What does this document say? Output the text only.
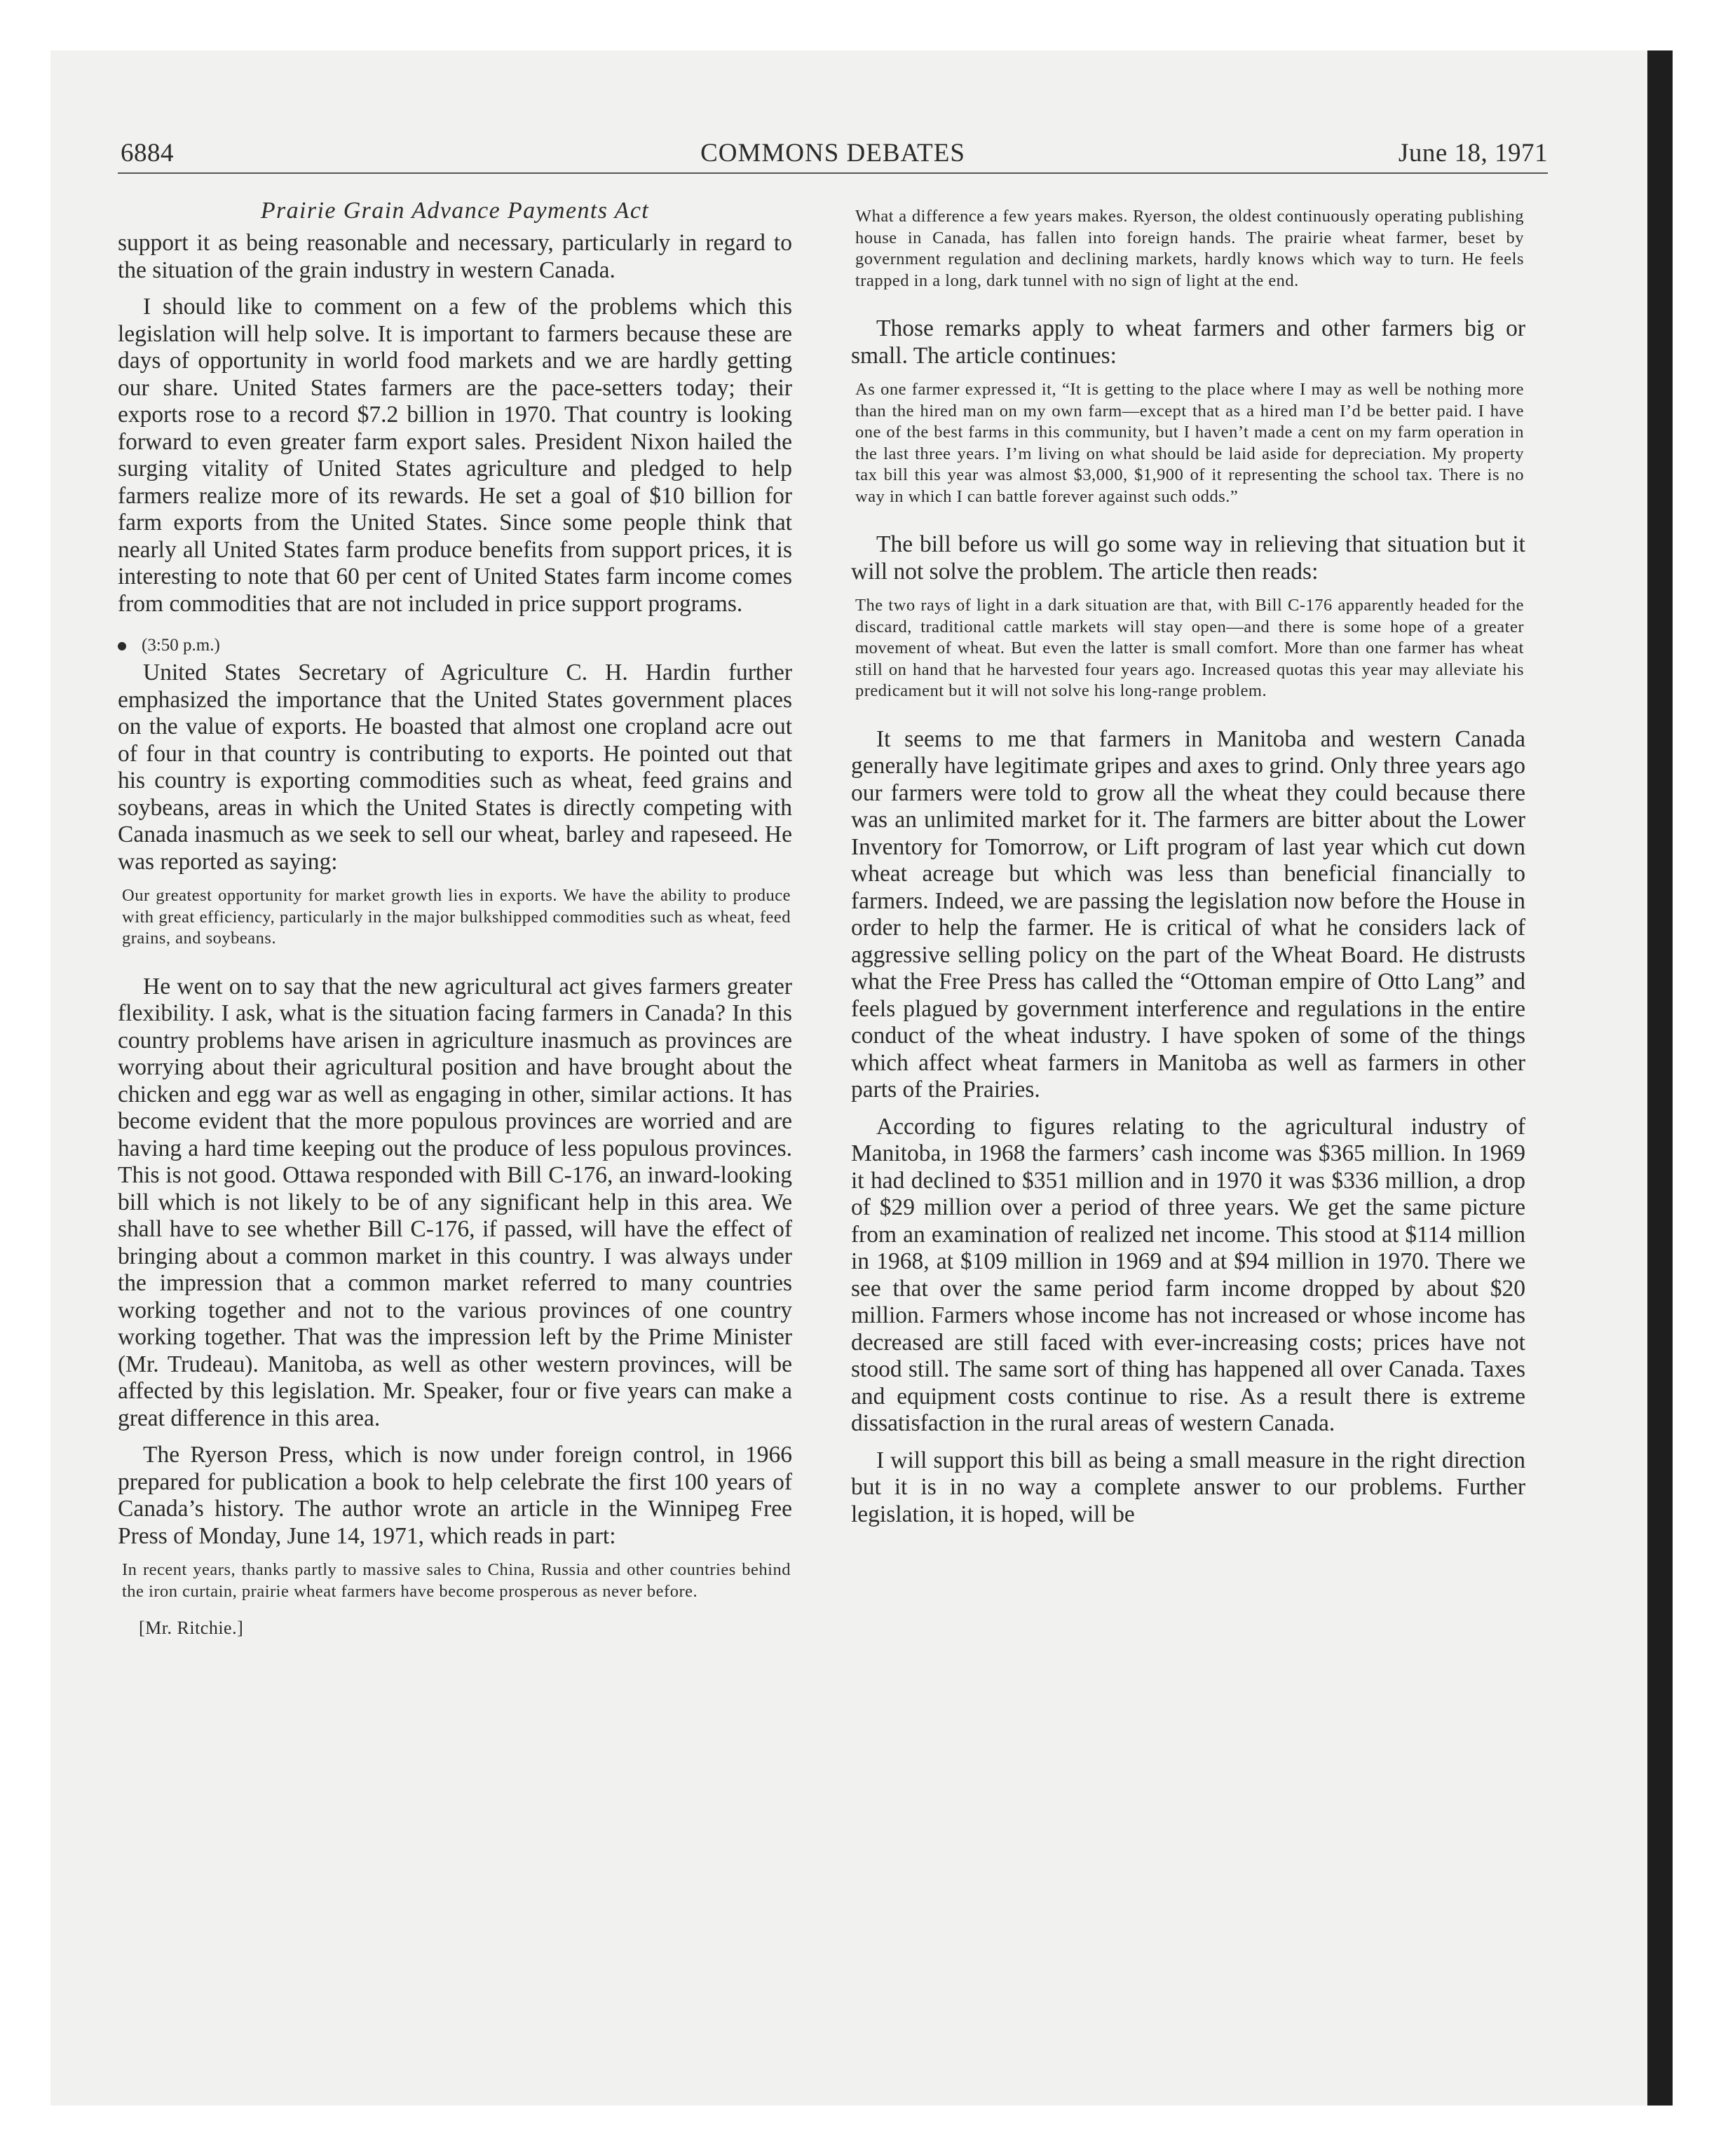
6884	COMMONS DEBATES	June 18, 1971
Prairie Grain Advance Payments Act

support it as being reasonable and necessary, particularly in regard to the situation of the grain industry in western Canada.

I should like to comment on a few of the problems which this legislation will help solve. It is important to farmers because these are days of opportunity in world food markets and we are hardly getting our share. United States farmers are the pace-setters today; their exports rose to a record $7.2 billion in 1970. That country is looking forward to even greater farm export sales. President Nixon hailed the surging vitality of United States agriculture and pledged to help farmers realize more of its rewards. He set a goal of $10 billion for farm exports from the United States. Since some people think that nearly all United States farm produce benefits from support prices, it is interesting to note that 60 per cent of United States farm income comes from commodities that are not included in price support programs.

(3:50 p.m.)

United States Secretary of Agriculture C. H. Hardin further emphasized the importance that the United States government places on the value of exports. He boasted that almost one cropland acre out of four in that country is contributing to exports. He pointed out that his country is exporting commodities such as wheat, feed grains and soybeans, areas in which the United States is directly competing with Canada inasmuch as we seek to sell our wheat, barley and rapeseed. He was reported as saying:

Our greatest opportunity for market growth lies in exports. We have the ability to produce with great efficiency, particularly in the major bulkshipped commodities such as wheat, feed grains, and soybeans.

He went on to say that the new agricultural act gives farmers greater flexibility. I ask, what is the situation facing farmers in Canada? In this country problems have arisen in agriculture inasmuch as provinces are worrying about their agricultural position and have brought about the chicken and egg war as well as engaging in other, similar actions. It has become evident that the more populous provinces are worried and are having a hard time keeping out the produce of less populous provinces. This is not good. Ottawa responded with Bill C-176, an inward-looking bill which is not likely to be of any significant help in this area. We shall have to see whether Bill C-176, if passed, will have the effect of bringing about a common market in this country. I was always under the impression that a common market referred to many countries working together and not to the various provinces of one country working together. That was the impression left by the Prime Minister (Mr. Trudeau). Manitoba, as well as other western provinces, will be affected by this legislation. Mr. Speaker, four or five years can make a great difference in this area.

The Ryerson Press, which is now under foreign control, in 1966 prepared for publication a book to help celebrate the first 100 years of Canada’s history. The author wrote an article in the Winnipeg Free Press of Monday, June 14, 1971, which reads in part:

In recent years, thanks partly to massive sales to China, Russia and other countries behind the iron curtain, prairie wheat farmers have become prosperous as never before.

[Mr. Ritchie.]

What a difference a few years makes. Ryerson, the oldest continuously operating publishing house in Canada, has fallen into foreign hands. The prairie wheat farmer, beset by government regulation and declining markets, hardly knows which way to turn. He feels trapped in a long, dark tunnel with no sign of light at the end.

Those remarks apply to wheat farmers and other farmers big or small. The article continues:

As one farmer expressed it, “It is getting to the place where I may as well be nothing more than the hired man on my own farm—except that as a hired man I’d be better paid. I have one of the best farms in this community, but I haven’t made a cent on my farm operation in the last three years. I’m living on what should be laid aside for depreciation. My property tax bill this year was almost $3,000, $1,900 of it representing the school tax. There is no way in which I can battle forever against such odds.”

The bill before us will go some way in relieving that situation but it will not solve the problem. The article then reads:

The two rays of light in a dark situation are that, with Bill C-176 apparently headed for the discard, traditional cattle markets will stay open—and there is some hope of a greater movement of wheat. But even the latter is small comfort. More than one farmer has wheat still on hand that he harvested four years ago. Increased quotas this year may alleviate his predicament but it will not solve his long-range problem.

It seems to me that farmers in Manitoba and western Canada generally have legitimate gripes and axes to grind. Only three years ago our farmers were told to grow all the wheat they could because there was an unlimited market for it. The farmers are bitter about the Lower Inventory for Tomorrow, or Lift program of last year which cut down wheat acreage but which was less than beneficial financially to farmers. Indeed, we are passing the legislation now before the House in order to help the farmer. He is critical of what he considers lack of aggressive selling policy on the part of the Wheat Board. He distrusts what the Free Press has called the “Ottoman empire of Otto Lang” and feels plagued by government interference and regulations in the entire conduct of the wheat industry. I have spoken of some of the things which affect wheat farmers in Manitoba as well as farmers in other parts of the Prairies.

According to figures relating to the agricultural industry of Manitoba, in 1968 the farmers’ cash income was $365 million. In 1969 it had declined to $351 million and in 1970 it was $336 million, a drop of $29 million over a period of three years. We get the same picture from an examination of realized net income. This stood at $114 million in 1968, at $109 million in 1969 and at $94 million in 1970. There we see that over the same period farm income dropped by about $20 million. Farmers whose income has not increased or whose income has decreased are still faced with ever-increasing costs; prices have not stood still. The same sort of thing has happened all over Canada. Taxes and equipment costs continue to rise. As a result there is extreme dissatisfaction in the rural areas of western Canada.

I will support this bill as being a small measure in the right direction but it is in no way a complete answer to our problems. Further legislation, it is hoped, will be
